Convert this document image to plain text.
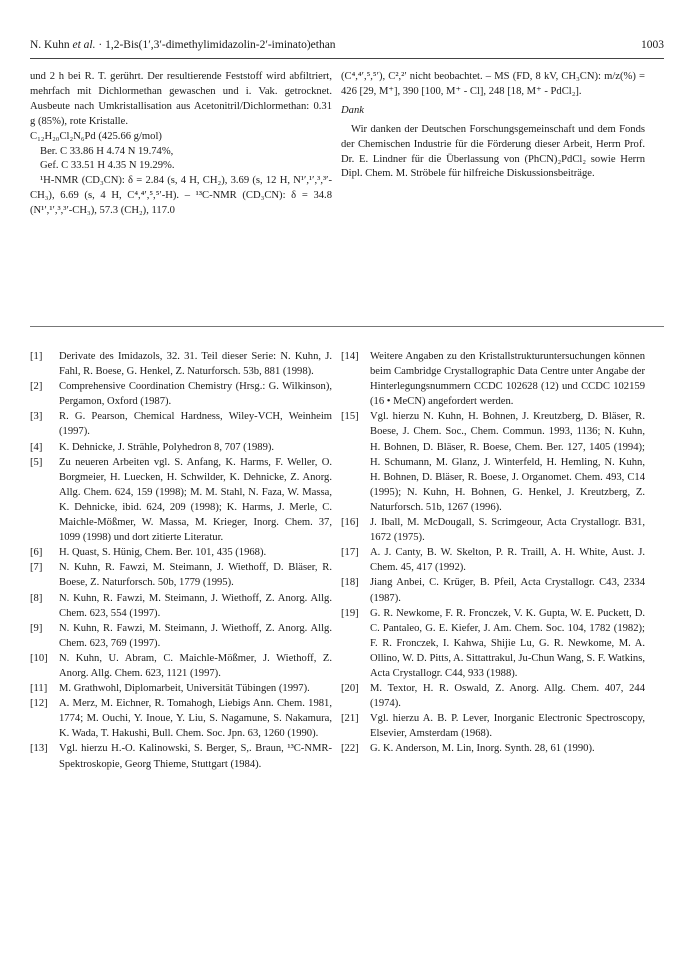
N. Kuhn et al. · 1,2-Bis(1′,3′-dimethylimidazolin-2′-iminato)ethan	1003

und 2 h bei R. T. gerührt. Der resultierende Feststoff wird abfiltriert, mehrfach mit Dichlormethan gewaschen und i. Vak. getrocknet. Ausbeute nach Umkristallisation aus Acetonitril/Dichlormethan: 0.31 g (85%), rote Kristalle.

C₁₂H₂₀Cl₂N₆Pd (425.66 g/mol)

Ber. C 33.86 H 4.74 N 19.74%,

Gef. C 33.51 H 4.35 N 19.29%.

¹H-NMR (CD₃CN): δ = 2.84 (s, 4 H, CH₂), 3.69 (s, 12 H, N¹′,¹′,³,³′-CH₃), 6.69 (s, 4 H, C⁴,⁴′,⁵,⁵′-H). – ¹³C-NMR (CD₃CN): δ = 34.8 (N¹′,¹′,³,³′-CH₃), 57.3 (CH₂), 117.0

(C⁴,⁴′,⁵,⁵′), C²,²′ nicht beobachtet. – MS (FD, 8 kV, CH₃CN): m/z(%) = 426 [29, M⁺], 390 [100, M⁺ - Cl], 248 [18, M⁺ - PdCl₂].

Dank

Wir danken der Deutschen Forschungsgemeinschaft und dem Fonds der Chemischen Industrie für die Förderung dieser Arbeit, Herrn Prof. Dr. E. Lindner für die Überlassung von (PhCN)₂PdCl₂ sowie Herrn Dipl. Chem. M. Ströbele für hilfreiche Diskussionsbeiträge.

[1]	Derivate des Imidazols, 32. 31. Teil dieser Serie: N. Kuhn, J. Fahl, R. Boese, G. Henkel, Z. Naturforsch. 53b, 881 (1998).
[2]	Comprehensive Coordination Chemistry (Hrsg.: G. Wilkinson), Pergamon, Oxford (1987).
[3]	R. G. Pearson, Chemical Hardness, Wiley-VCH, Weinheim (1997).
[4]	K. Dehnicke, J. Strähle, Polyhedron 8, 707 (1989).
[5]	Zu neueren Arbeiten vgl. S. Anfang, K. Harms, F. Weller, O. Borgmeier, H. Luecken, H. Schwilder, K. Dehnicke, Z. Anorg. Allg. Chem. 624, 159 (1998); M. M. Stahl, N. Faza, W. Massa, K. Dehnicke, ibid. 624, 209 (1998); K. Harms, J. Merle, C. Maichle-Mößmer, W. Massa, M. Krieger, Inorg. Chem. 37, 1099 (1998) und dort zitierte Literatur.
[6]	H. Quast, S. Hünig, Chem. Ber. 101, 435 (1968).
[7]	N. Kuhn, R. Fawzi, M. Steimann, J. Wiethoff, D. Bläser, R. Boese, Z. Naturforsch. 50b, 1779 (1995).
[8]	N. Kuhn, R. Fawzi, M. Steimann, J. Wiethoff, Z. Anorg. Allg. Chem. 623, 554 (1997).
[9]	N. Kuhn, R. Fawzi, M. Steimann, J. Wiethoff, Z. Anorg. Allg. Chem. 623, 769 (1997).
[10]	N. Kuhn, U. Abram, C. Maichle-Mößmer, J. Wiethoff, Z. Anorg. Allg. Chem. 623, 1121 (1997).
[11]	M. Grathwohl, Diplomarbeit, Universität Tübingen (1997).
[12]	A. Merz, M. Eichner, R. Tomahogh, Liebigs Ann. Chem. 1981, 1774; M. Ouchi, Y. Inoue, Y. Liu, S. Nagamune, S. Nakamura, K. Wada, T. Hakushi, Bull. Chem. Soc. Jpn. 63, 1260 (1990).
[13]	Vgl. hierzu H.-O. Kalinowski, S. Berger, S,. Braun, ¹³C-NMR-Spektroskopie, Georg Thieme, Stuttgart (1984).
[14]	Weitere Angaben zu den Kristallstrukturuntersuchungen können beim Cambridge Crystallographic Data Centre unter Angabe der Hinterlegungsnummern CCDC 102628 (12) und CCDC 102159 (16 • MeCN) angefordert werden.
[15]	Vgl. hierzu N. Kuhn, H. Bohnen, J. Kreutzberg, D. Bläser, R. Boese, J. Chem. Soc., Chem. Commun. 1993, 1136; N. Kuhn, H. Bohnen, D. Bläser, R. Boese, Chem. Ber. 127, 1405 (1994); H. Schumann, M. Glanz, J. Winterfeld, H. Hemling, N. Kuhn, H. Bohnen, D. Bläser, R. Boese, J. Organomet. Chem. 493, C14 (1995); N. Kuhn, H. Bohnen, G. Henkel, J. Kreutzberg, Z. Naturforsch. 51b, 1267 (1996).
[16]	J. Iball, M. McDougall, S. Scrimgeour, Acta Crystallogr. B31, 1672 (1975).
[17]	A. J. Canty, B. W. Skelton, P. R. Traill, A. H. White, Aust. J. Chem. 45, 417 (1992).
[18]	Jiang Anbei, C. Krüger, B. Pfeil, Acta Crystallogr. C43, 2334 (1987).
[19]	G. R. Newkome, F. R. Fronczek, V. K. Gupta, W. E. Puckett, D. C. Pantaleo, G. E. Kiefer, J. Am. Chem. Soc. 104, 1782 (1982); F. R. Fronczek, I. Kahwa, Shijie Lu, G. R. Newkome, M. A. Ollino, W. D. Pitts, A. Sittattrakul, Ju-Chun Wang, S. F. Watkins, Acta Crystallogr. C44, 933 (1988).
[20]	M. Textor, H. R. Oswald, Z. Anorg. Allg. Chem. 407, 244 (1974).
[21]	Vgl. hierzu A. B. P. Lever, Inorganic Electronic Spectroscopy, Elsevier, Amsterdam (1968).
[22]	G. K. Anderson, M. Lin, Inorg. Synth. 28, 61 (1990).
